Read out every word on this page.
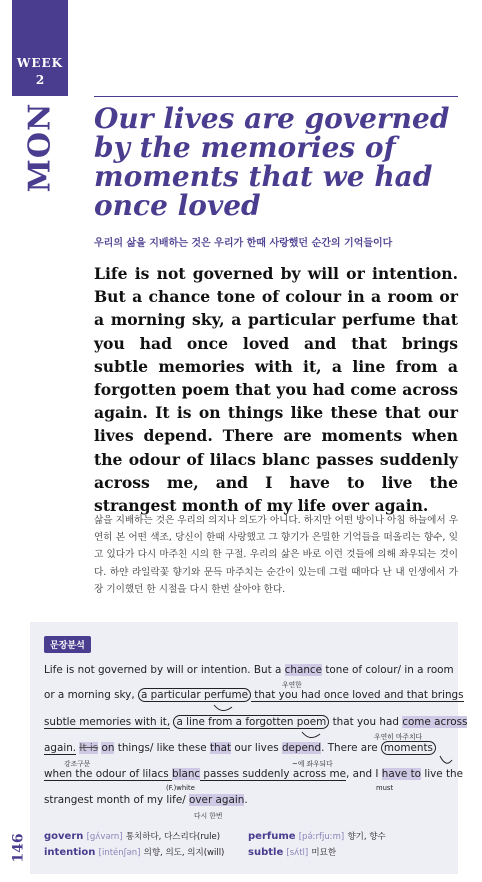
WEEK
2
MON Our lives are governed by the memories of moments that we had once loved
우리의 삶을 지배하는 것은 우리가 한때 사랑했던 순간의 기억들이다

Life is not governed by will or intention. But a chance tone of colour in a room or a morning sky, a particular perfume that you had once loved and that brings subtle memories with it, a line from a forgotten poem that you had come across again. It is on things like these that our lives depend. There are moments when the odour of lilacs blanc passes suddenly across me, and I have to live the strangest month of my life over again.

삶을 지배하는 것은 우리의 의지나 의도가 아니다. 하지만 어떤 방이나 아침 하늘에서 우연히 본 어떤 색조, 당신이 한때 사랑했고 그 향기가 은밀한 기억들을 떠올리는 향수, 잊고 있다가 다시 마주친 시의 한 구절. 우리의 삶은 바로 이런 것들에 의해 좌우되는 것이다. 하얀 라일락꽃 향기와 문득 마주치는 순간이 있는데 그럴 때마다 난 내 인생에서 가장 기이했던 한 시절을 다시 한번 살아야 한다.

문장분석
Life is not governed by will or intention. But a chance tone of colour/ in a room
우연한
or a morning sky, a particular perfume that you had once loved and that brings
subtle memories with it, a line from a forgotten poem that you had come across
우연히 마주치다
again. It is on things/ like these that our lives depend. There are moments
강조구문	~에 좌우되다
when the odour of lilacs blanc passes suddenly across me, and I have to live the
(F.)white	must
strangest month of my life/ over again.
다시 한번
govern [gʌ́vərn] 통치하다, 다스리다(rule)
intention [inténʃən] 의향, 의도, 의지(will)
perfume [pə́ːrfjuːm] 향기, 향수
subtle [sʌ́tl] 미묘한
146
